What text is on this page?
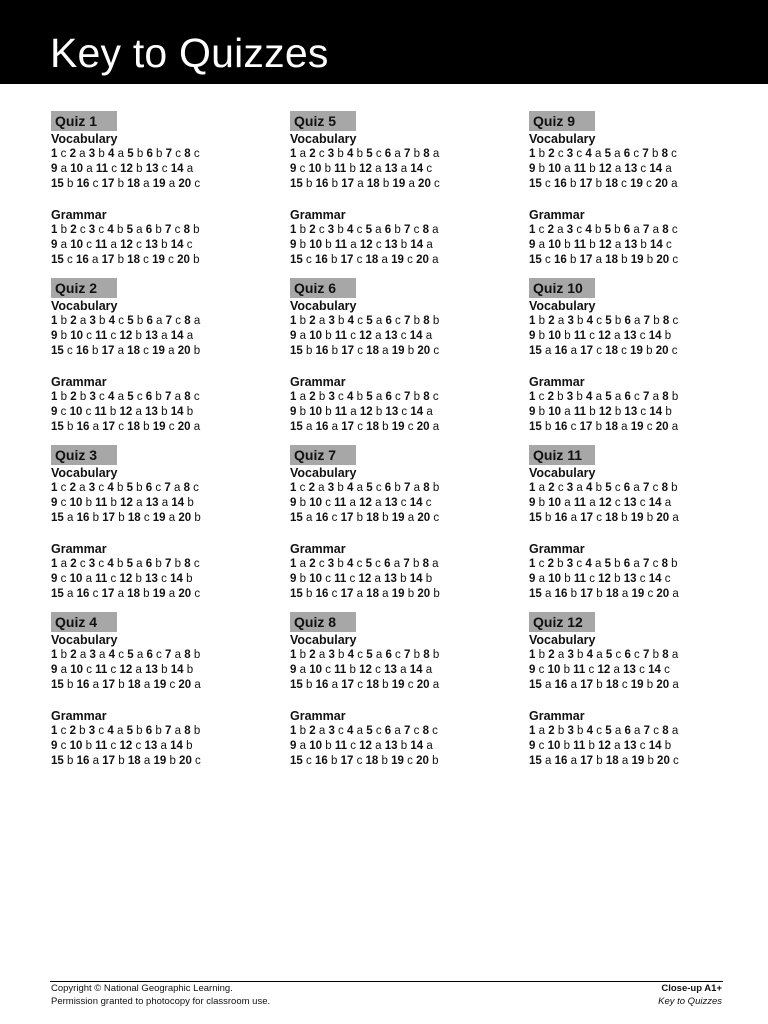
Key to Quizzes
Quiz 1
Vocabulary
1 c 2 a 3 b 4 a 5 b 6 b 7 c 8 c
9 a 10 a 11 c 12 b 13 c 14 a
15 b 16 c 17 b 18 a 19 a 20 c
Grammar
1 b 2 c 3 c 4 b 5 a 6 b 7 c 8 b
9 a 10 c 11 a 12 c 13 b 14 c
15 c 16 a 17 b 18 c 19 c 20 b
Quiz 2
Vocabulary
1 b 2 a 3 b 4 c 5 b 6 a 7 c 8 a
9 b 10 c 11 c 12 b 13 a 14 a
15 c 16 b 17 a 18 c 19 a 20 b
Grammar
1 b 2 b 3 c 4 a 5 c 6 b 7 a 8 c
9 c 10 c 11 b 12 a 13 b 14 b
15 b 16 a 17 c 18 b 19 c 20 a
Quiz 3
Vocabulary
1 c 2 a 3 c 4 b 5 b 6 c 7 a 8 c
9 c 10 b 11 b 12 a 13 a 14 b
15 a 16 b 17 b 18 c 19 a 20 b
Grammar
1 a 2 c 3 c 4 b 5 a 6 b 7 b 8 c
9 c 10 a 11 c 12 b 13 c 14 b
15 a 16 c 17 a 18 b 19 a 20 c
Quiz 4
Vocabulary
1 b 2 a 3 a 4 c 5 a 6 c 7 a 8 b
9 a 10 c 11 c 12 a 13 b 14 b
15 b 16 a 17 b 18 a 19 c 20 a
Grammar
1 c 2 b 3 c 4 a 5 b 6 b 7 a 8 b
9 c 10 b 11 c 12 c 13 a 14 b
15 b 16 a 17 b 18 a 19 b 20 c
Quiz 5
Vocabulary
1 a 2 c 3 b 4 b 5 c 6 a 7 b 8 a
9 c 10 b 11 b 12 a 13 a 14 c
15 b 16 b 17 a 18 b 19 a 20 c
Grammar
1 b 2 c 3 b 4 c 5 a 6 b 7 c 8 a
9 b 10 b 11 a 12 c 13 b 14 a
15 c 16 b 17 c 18 a 19 c 20 a
Quiz 6
Vocabulary
1 b 2 a 3 b 4 c 5 a 6 c 7 b 8 b
9 a 10 b 11 c 12 a 13 c 14 a
15 b 16 b 17 c 18 a 19 b 20 c
Grammar
1 a 2 b 3 c 4 b 5 a 6 c 7 b 8 c
9 b 10 b 11 a 12 b 13 c 14 a
15 a 16 a 17 c 18 b 19 c 20 a
Quiz 7
Vocabulary
1 c 2 a 3 b 4 a 5 c 6 b 7 a 8 b
9 b 10 c 11 a 12 a 13 c 14 c
15 a 16 c 17 b 18 b 19 a 20 c
Grammar
1 a 2 c 3 b 4 c 5 c 6 a 7 b 8 a
9 b 10 c 11 c 12 a 13 b 14 b
15 b 16 c 17 a 18 a 19 b 20 b
Quiz 8
Vocabulary
1 b 2 a 3 b 4 c 5 a 6 c 7 b 8 b
9 a 10 c 11 b 12 c 13 a 14 a
15 b 16 a 17 c 18 b 19 c 20 a
Grammar
1 b 2 a 3 c 4 a 5 c 6 a 7 c 8 c
9 a 10 b 11 c 12 a 13 b 14 a
15 c 16 b 17 c 18 b 19 c 20 b
Quiz 9
Vocabulary
1 b 2 c 3 c 4 a 5 a 6 c 7 b 8 c
9 b 10 a 11 b 12 a 13 c 14 a
15 c 16 b 17 b 18 c 19 c 20 a
Grammar
1 c 2 a 3 c 4 b 5 b 6 a 7 a 8 c
9 a 10 b 11 b 12 a 13 b 14 c
15 c 16 b 17 a 18 b 19 b 20 c
Quiz 10
Vocabulary
1 b 2 a 3 b 4 c 5 b 6 a 7 b 8 c
9 b 10 b 11 c 12 a 13 c 14 b
15 a 16 a 17 c 18 c 19 b 20 c
Grammar
1 c 2 b 3 b 4 a 5 a 6 c 7 a 8 b
9 b 10 a 11 b 12 b 13 c 14 b
15 b 16 c 17 b 18 a 19 c 20 a
Quiz 11
Vocabulary
1 a 2 c 3 a 4 b 5 c 6 a 7 c 8 b
9 b 10 a 11 a 12 c 13 c 14 a
15 b 16 a 17 c 18 b 19 b 20 a
Grammar
1 c 2 b 3 c 4 a 5 b 6 a 7 c 8 b
9 a 10 b 11 c 12 b 13 c 14 c
15 a 16 b 17 b 18 a 19 c 20 a
Quiz 12
Vocabulary
1 b 2 a 3 b 4 a 5 c 6 c 7 b 8 a
9 c 10 b 11 c 12 a 13 c 14 c
15 a 16 a 17 b 18 c 19 b 20 a
Grammar
1 a 2 b 3 b 4 c 5 a 6 a 7 c 8 a
9 c 10 b 11 b 12 a 13 c 14 b
15 a 16 a 17 b 18 a 19 b 20 c
Copyright © National Geographic Learning.
Permission granted to photocopy for classroom use.
Close-up A1+
Key to Quizzes
